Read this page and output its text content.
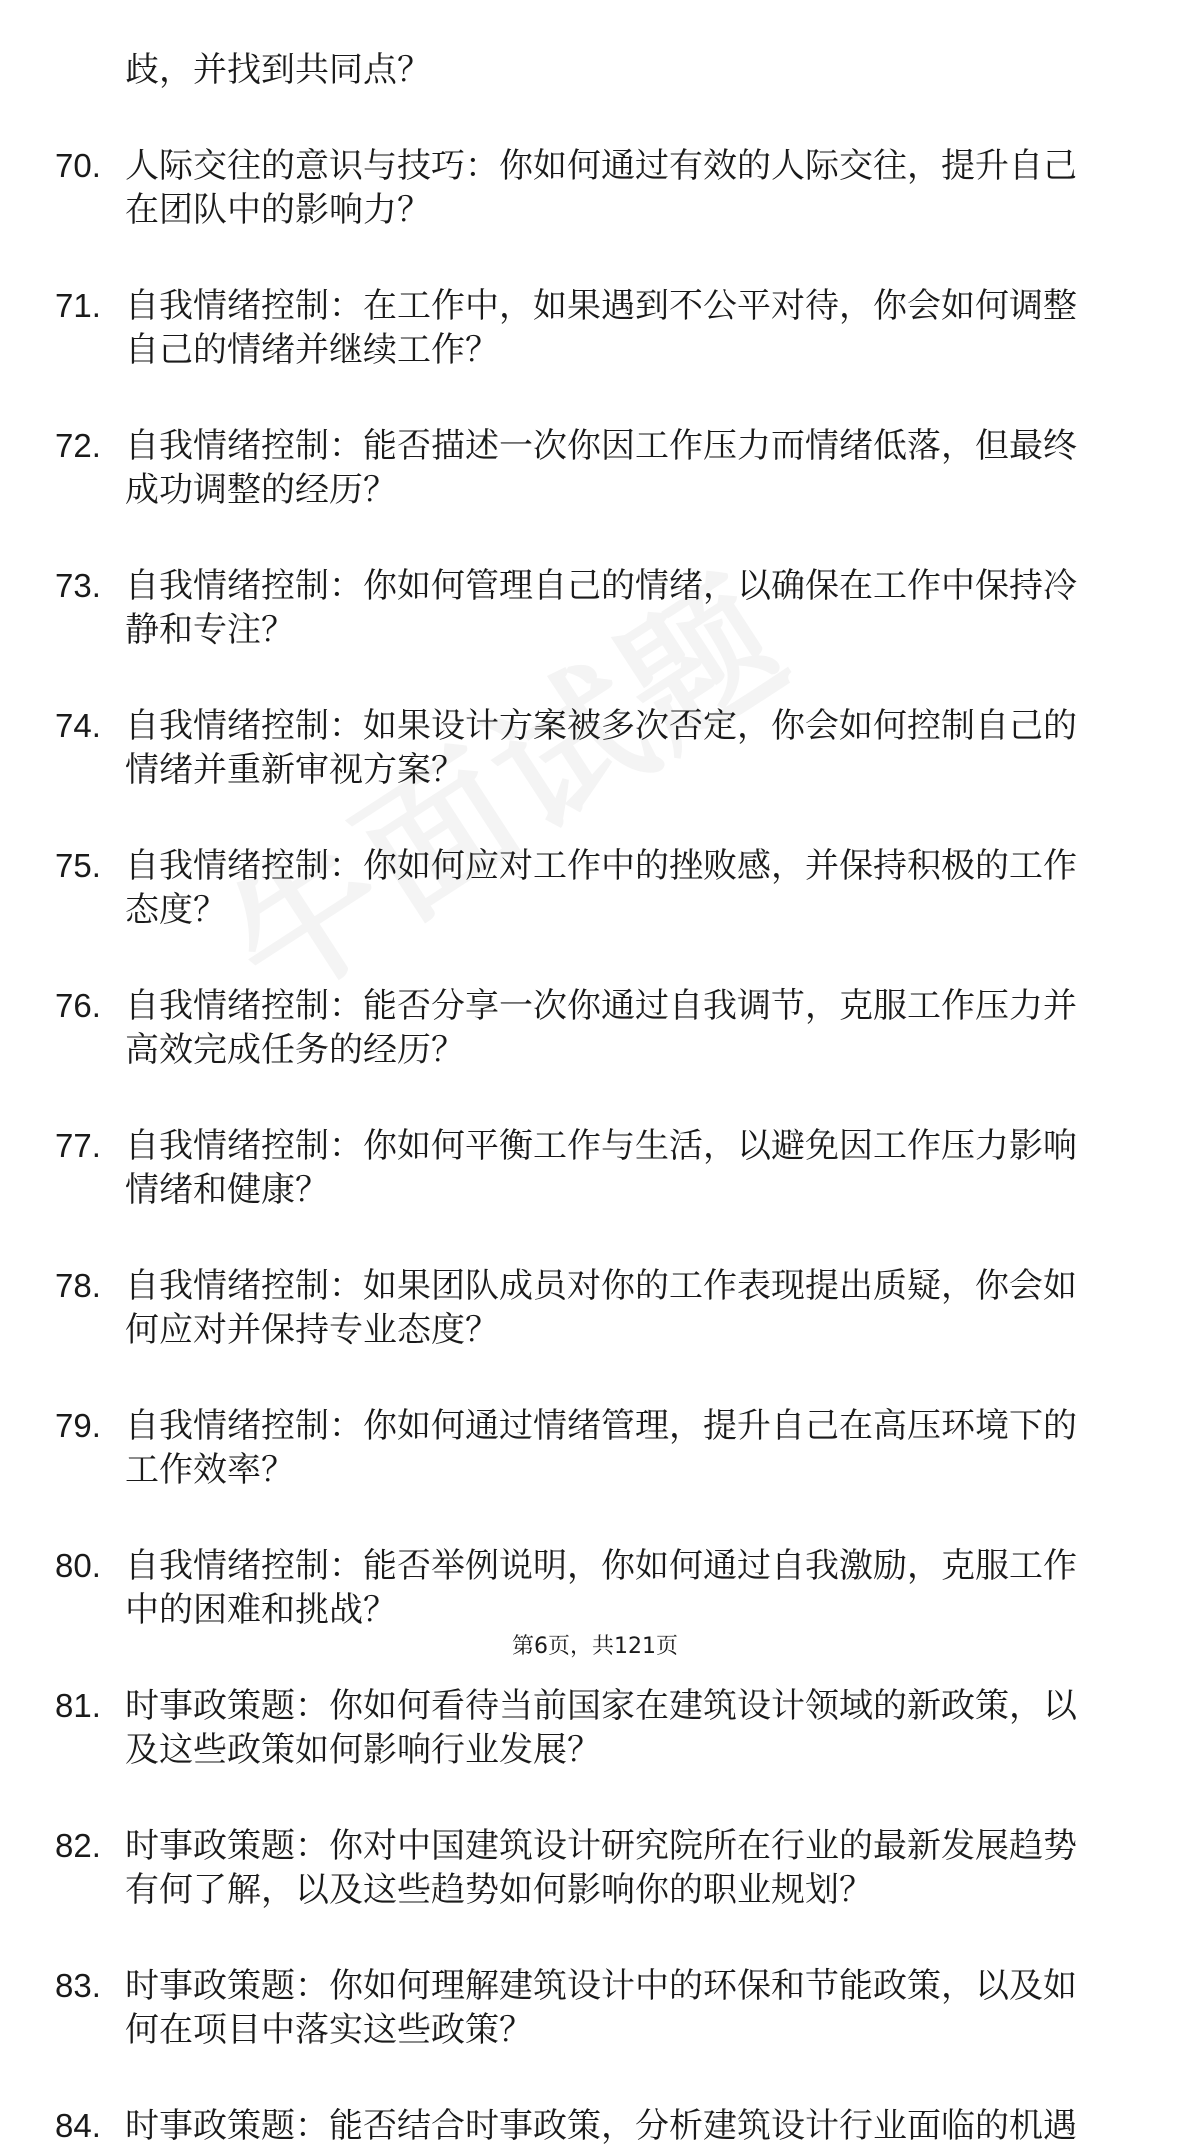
歧，并找到共同点？
70. 人际交往的意识与技巧：你如何通过有效的人际交往，提升自己
在团队中的影响力？
71. 自我情绪控制：在工作中，如果遇到不公平对待，你会如何调整
自己的情绪并继续工作？
72. 自我情绪控制：能否描述一次你因工作压力而情绪低落，但最终
成功调整的经历？
73. 自我情绪控制：你如何管理自己的情绪，以确保在工作中保持冷
静和专注？
74. 自我情绪控制：如果设计方案被多次否定，你会如何控制自己的
情绪并重新审视方案？
75. 自我情绪控制：你如何应对工作中的挫败感，并保持积极的工作
态度？
76. 自我情绪控制：能否分享一次你通过自我调节，克服工作压力并
高效完成任务的经历？
77. 自我情绪控制：你如何平衡工作与生活，以避免因工作压力影响
情绪和健康？
78. 自我情绪控制：如果团队成员对你的工作表现提出质疑，你会如
何应对并保持专业态度？
79. 自我情绪控制：你如何通过情绪管理，提升自己在高压环境下的
工作效率？
80. 自我情绪控制：能否举例说明，你如何通过自我激励，克服工作
中的困难和挑战？
81. 时事政策题：你如何看待当前国家在建筑设计领域的新政策，以
及这些政策如何影响行业发展？
82. 时事政策题：你对中国建筑设计研究院所在行业的最新发展趋势
有何了解，以及这些趋势如何影响你的职业规划？
83. 时事政策题：你如何理解建筑设计中的环保和节能政策，以及如
何在项目中落实这些政策？
84. 时事政策题：能否结合时事政策，分析建筑设计行业面临的机遇
第6页，共121页
